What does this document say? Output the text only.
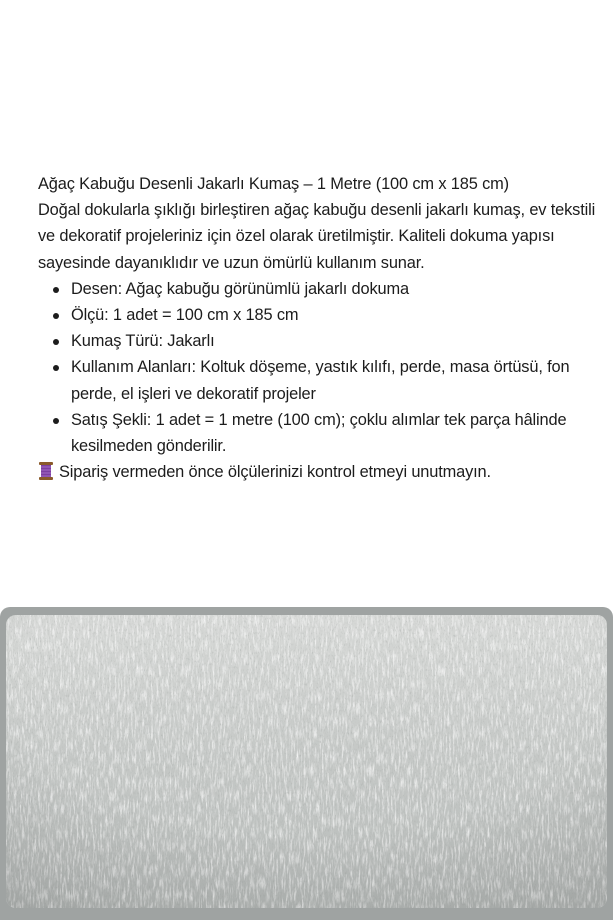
Ağaç Kabuğu Desenli Jakarlı Kumaş – 1 Metre (100 cm x 185 cm)

Doğal dokularla şıklığı birleştiren ağaç kabuğu desenli jakarlı kumaş, ev tekstili ve dekoratif projeleriniz için özel olarak üretilmiştir. Kaliteli dokuma yapısı sayesinde dayanıklıdır ve uzun ömürlü kullanım sunar.

Desen: Ağaç kabuğu görünümlü jakarlı dokuma
Ölçü: 1 adet = 100 cm x 185 cm
Kumaş Türü: Jakarlı
Kullanım Alanları: Koltuk döşeme, yastık kılıfı, perde, masa örtüsü, fon perde, el işleri ve dekoratif projeler
Satış Şekli: 1 adet = 1 metre (100 cm); çoklu alımlar tek parça hâlinde kesilmeden gönderilir.

Sipariş vermeden önce ölçülerinizi kontrol etmeyi unutmayın.
